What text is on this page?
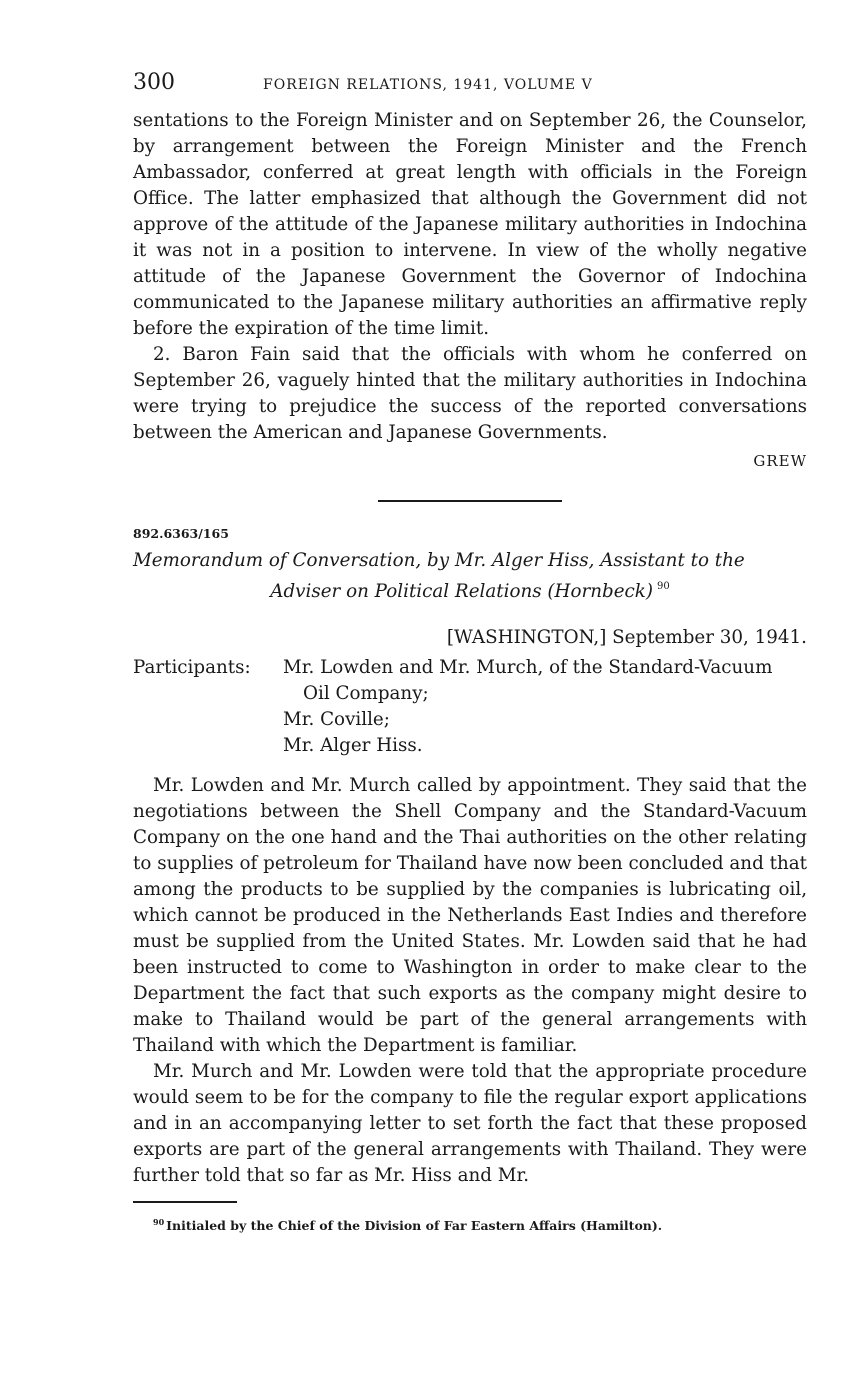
300	FOREIGN RELATIONS, 1941, VOLUME V

sentations to the Foreign Minister and on September 26, the Counselor, by arrangement between the Foreign Minister and the French Ambassador, conferred at great length with officials in the Foreign Office. The latter emphasized that although the Government did not approve of the attitude of the Japanese military authorities in Indochina it was not in a position to intervene. In view of the wholly negative attitude of the Japanese Government the Governor of Indochina communicated to the Japanese military authorities an affirmative reply before the expiration of the time limit.

2. Baron Fain said that the officials with whom he conferred on September 26, vaguely hinted that the military authorities in Indochina were trying to prejudice the success of the reported conversations between the American and Japanese Governments.

GREW
892.6363/165
Memorandum of Conversation, by Mr. Alger Hiss, Assistant to the
Adviser on Political Relations (Hornbeck) $^{90}$
[WASHINGTON,] September 30, 1941.
Participants:	Mr. Lowden and Mr. Murch, of the Standard-Vacuum
Oil Company;
Mr. Coville;
Mr. Alger Hiss.

Mr. Lowden and Mr. Murch called by appointment. They said that the negotiations between the Shell Company and the Standard-Vacuum Company on the one hand and the Thai authorities on the other relating to supplies of petroleum for Thailand have now been concluded and that among the products to be supplied by the companies is lubricating oil, which cannot be produced in the Netherlands East Indies and therefore must be supplied from the United States. Mr. Lowden said that he had been instructed to come to Washington in order to make clear to the Department the fact that such exports as the company might desire to make to Thailand would be part of the general arrangements with Thailand with which the Department is familiar.

Mr. Murch and Mr. Lowden were told that the appropriate procedure would seem to be for the company to file the regular export applications and in an accompanying letter to set forth the fact that these proposed exports are part of the general arrangements with Thailand. They were further told that so far as Mr. Hiss and Mr.

$^{90}$ Initialed by the Chief of the Division of Far Eastern Affairs (Hamilton).
